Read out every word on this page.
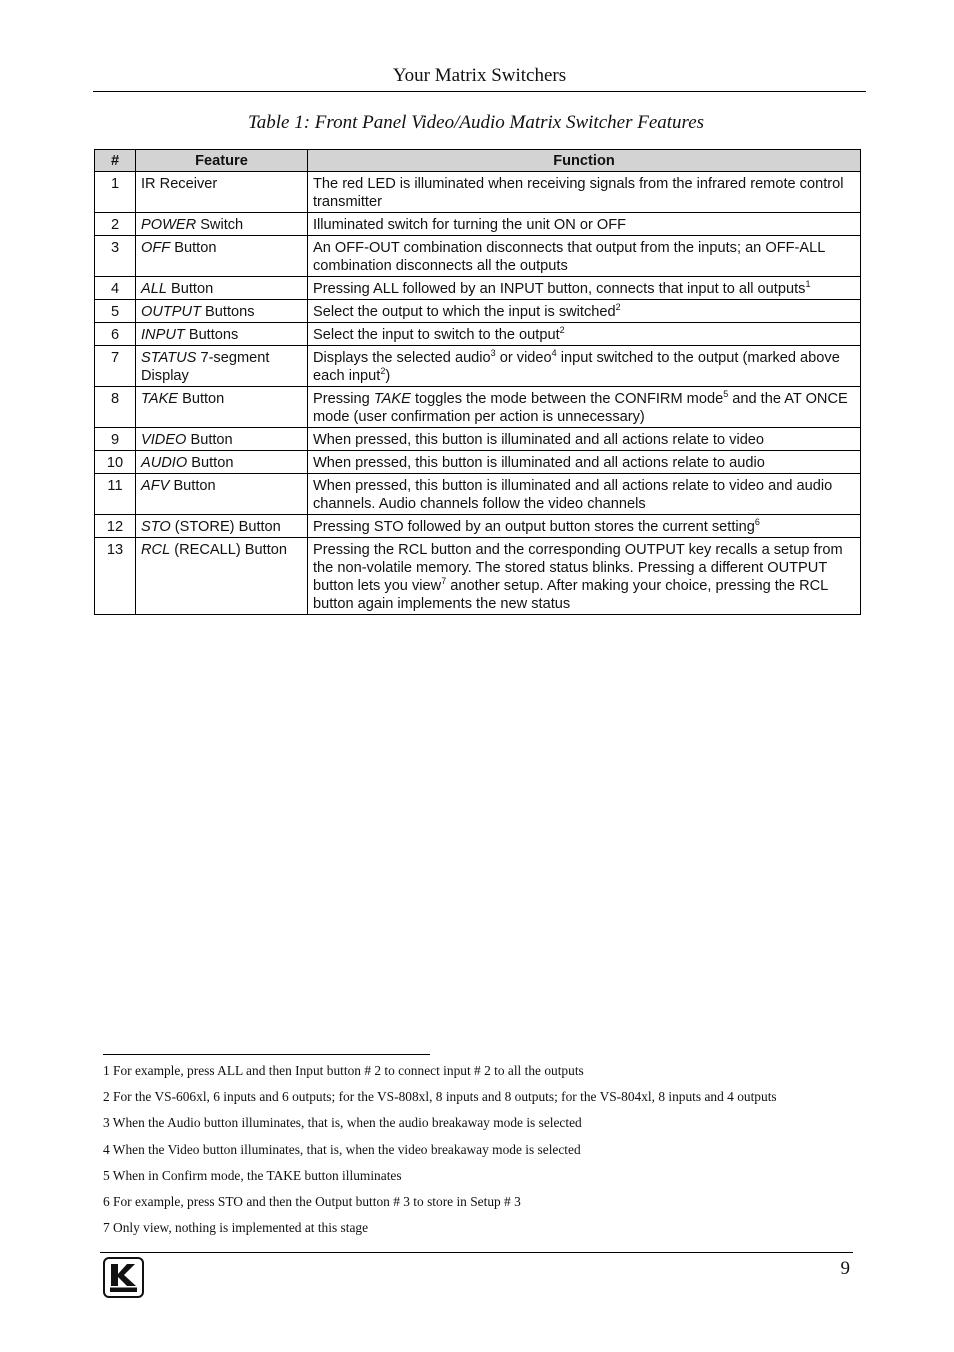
Your Matrix Switchers
Table 1: Front Panel Video/Audio Matrix Switcher Features
#	Feature	Function
1	IR Receiver	The red LED is illuminated when receiving signals from the infrared remote control transmitter
2	POWER Switch	Illuminated switch for turning the unit ON or OFF
3	OFF Button	An OFF-OUT combination disconnects that output from the inputs; an OFF-ALL combination disconnects all the outputs
4	ALL Button	Pressing ALL followed by an INPUT button, connects that input to all outputs$^1$
5	OUTPUT Buttons	Select the output to which the input is switched$^2$
6	INPUT Buttons	Select the input to switch to the output$^2$
7	STATUS 7-segment Display	Displays the selected audio$^3$ or video$^4$ input switched to the output (marked above each input$^2$)
8	TAKE Button	Pressing TAKE toggles the mode between the CONFIRM mode$^5$ and the AT ONCE mode (user confirmation per action is unnecessary)
9	VIDEO Button	When pressed, this button is illuminated and all actions relate to video
10	AUDIO Button	When pressed, this button is illuminated and all actions relate to audio
11	AFV Button	When pressed, this button is illuminated and all actions relate to video and audio channels. Audio channels follow the video channels
12	STO (STORE) Button	Pressing STO followed by an output button stores the current setting$^6$
13	RCL (RECALL) Button	Pressing the RCL button and the corresponding OUTPUT key recalls a setup from the non-volatile memory. The stored status blinks. Pressing a different OUTPUT button lets you view$^7$ another setup. After making your choice, pressing the RCL button again implements the new status
1 For example, press ALL and then Input button # 2 to connect input # 2 to all the outputs
2 For the VS-606xl, 6 inputs and 6 outputs; for the VS-808xl, 8 inputs and 8 outputs; for the VS-804xl, 8 inputs and 4 outputs
3 When the Audio button illuminates, that is, when the audio breakaway mode is selected
4 When the Video button illuminates, that is, when the video breakaway mode is selected
5 When in Confirm mode, the TAKE button illuminates
6 For example, press STO and then the Output button # 3 to store in Setup # 3
7 Only view, nothing is implemented at this stage
9
